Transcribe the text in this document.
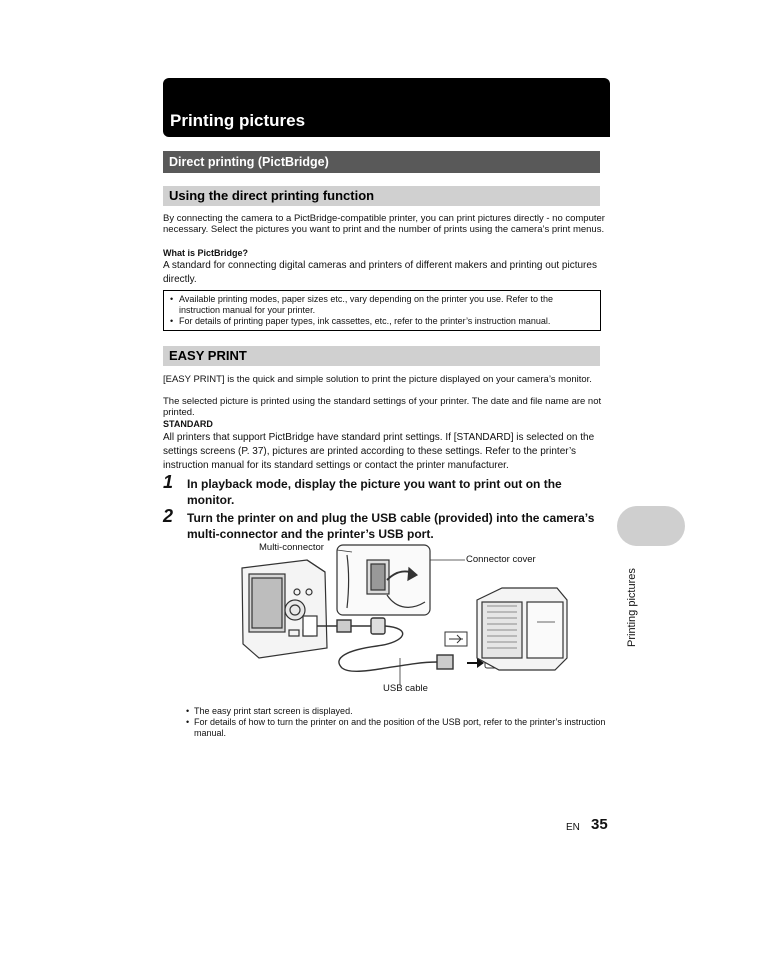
Printing pictures
Direct printing (PictBridge)
Using the direct printing function
By connecting the camera to a PictBridge-compatible printer, you can print pictures directly - no computer necessary. Select the pictures you want to print and the number of prints using the camera’s print menus.
What is PictBridge?
A standard for connecting digital cameras and printers of different makers and printing out pictures directly.
• Available printing modes, paper sizes etc., vary depending on the printer you use. Refer to the instruction manual for your printer.
• For details of printing paper types, ink cassettes, etc., refer to the printer’s instruction manual.
EASY PRINT
[EASY PRINT] is the quick and simple solution to print the picture displayed on your camera’s monitor.
The selected picture is printed using the standard settings of your printer. The date and file name are not printed.
STANDARD
All printers that support PictBridge have standard print settings. If [STANDARD] is selected on the settings screens (P. 37), pictures are printed according to these settings. Refer to the printer’s instruction manual for its standard settings or contact the printer manufacturer.
1 In playback mode, display the picture you want to print out on the monitor.
2 Turn the printer on and plug the USB cable (provided) into the camera’s multi-connector and the printer’s USB port.
Multi-connector
Connector cover
USB cable
• The easy print start screen is displayed.
• For details of how to turn the printer on and the position of the USB port, refer to the printer’s instruction manual.
Printing pictures
EN 35
